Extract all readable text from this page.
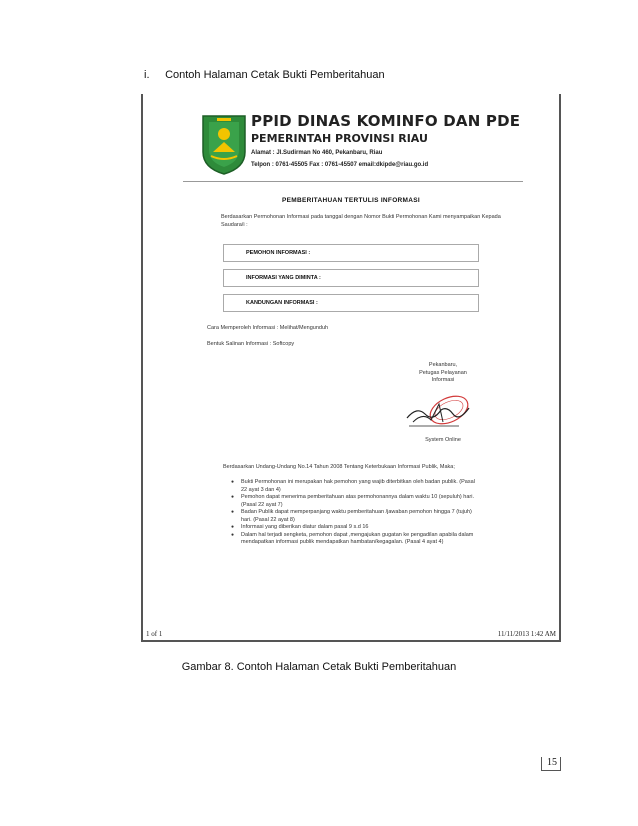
i. Contoh Halaman Cetak Bukti Pemberitahuan
PPID DINAS KOMINFO DAN PDE
PEMERINTAH PROVINSI RIAU
Alamat : Jl.Sudirman No 460, Pekanbaru, Riau
Telpon : 0761-45505 Fax : 0761-45507 email:dkipde@riau.go.id
PEMBERITAHUAN TERTULIS INFORMASI
Berdasarkan Permohonan Informasi pada tanggal dengan Nomor Bukti Permohonan Kami menyampaikan Kepada Saudara/i :
PEMOHON INFORMASI :
INFORMASI YANG DIMINTA :
KANDUNGAN INFORMASI :
Cara Memperoleh Informasi : Melihat/Mengunduh
Bentuk Salinan Informasi : Softcopy
Pekanbaru,
Petugas Pelayanan
Informasi
System Online
Berdasarkan Undang-Undang No.14 Tahun 2008 Tentang Keterbukaan Informasi Publik, Maka;
● Bukti Permohonan ini merupakan hak pemohon yang wajib diterbitkan oleh badan publik. (Pasal 22 ayat 3 dan 4)
● Pemohon dapat menerima pemberitahuan atas permohonannya dalam waktu 10 (sepuluh) hari. (Pasal 22 ayat 7)
● Badan Publik dapat memperpanjang waktu pemberitahuan /jawaban pemohon hingga 7 (tujuh) hari. (Pasal 22 ayat 8)
● Informasi yang diberikan diatur dalam pasal 9 s.d 16
● Dalam hal terjadi sengketa, pemohon dapat ,mengajukan gugatan ke pengadilan apabila dalam mendapatkan informasi publik mendapatkan hambatan/kegagalan. (Pasal 4 ayat 4)
1 of 1	11/11/2013 1:42 AM
Gambar 8. Contoh Halaman Cetak Bukti Pemberitahuan
15
